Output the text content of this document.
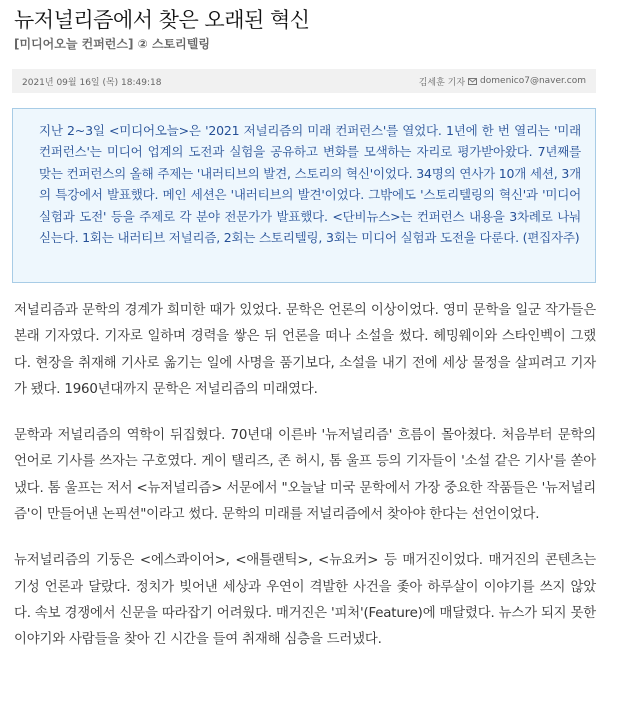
뉴저널리즘에서 찾은 오래된 혁신
[미디어오늘 컨퍼런스] ② 스토리텔링
2021년 09월 16일 (목) 18:49:18	김세훈 기자 domenico7@naver.com

지난 2~3일 <미디어오늘>은 '2021 저널리즘의 미래 컨퍼런스'를 열었다. 1년에 한 번 열리는 '미래 컨퍼런스'는 미디어 업계의 도전과 실험을 공유하고 변화를 모색하는 자리로 평가받아왔다. 7년째를 맞는 컨퍼런스의 올해 주제는 '내러티브의 발견, 스토리의 혁신'이었다. 34명의 연사가 10개 세션, 3개의 특강에서 발표했다. 메인 세션은 '내러티브의 발견'이었다. 그밖에도 '스토리텔링의 혁신'과 '미디어 실험과 도전' 등을 주제로 각 분야 전문가가 발표했다. <단비뉴스>는 컨퍼런스 내용을 3차례로 나눠 싣는다. 1회는 내러티브 저널리즘, 2회는 스토리텔링, 3회는 미디어 실험과 도전을 다룬다. (편집자주)

저널리즘과 문학의 경계가 희미한 때가 있었다. 문학은 언론의 이상이었다. 영미 문학을 일군 작가들은 본래 기자였다. 기자로 일하며 경력을 쌓은 뒤 언론을 떠나 소설을 썼다. 헤밍웨이와 스타인벡이 그랬다. 현장을 취재해 기사로 옮기는 일에 사명을 품기보다, 소설을 내기 전에 세상 물정을 살피려고 기자가 됐다. 1960년대까지 문학은 저널리즘의 미래였다.

문학과 저널리즘의 역학이 뒤집혔다. 70년대 이른바 '뉴저널리즘' 흐름이 몰아쳤다. 처음부터 문학의 언어로 기사를 쓰자는 구호였다. 게이 탤리즈, 존 허시, 톰 울프 등의 기자들이 '소설 같은 기사'를 쏟아냈다. 톰 울프는 저서 <뉴저널리즘> 서문에서 "오늘날 미국 문학에서 가장 중요한 작품들은 '뉴저널리즘'이 만들어낸 논픽션"이라고 썼다. 문학의 미래를 저널리즘에서 찾아야 한다는 선언이었다.

뉴저널리즘의 기둥은 <에스콰이어>, <애틀랜틱>, <뉴요커> 등 매거진이었다. 매거진의 콘텐츠는 기성 언론과 달랐다. 정치가 빚어낸 세상과 우연이 격발한 사건을 좇아 하루살이 이야기를 쓰지 않았다. 속보 경쟁에서 신문을 따라잡기 어려웠다. 매거진은 '피처'(Feature)에 매달렸다. 뉴스가 되지 못한 이야기와 사람들을 찾아 긴 시간을 들여 취재해 심층을 드러냈다.
